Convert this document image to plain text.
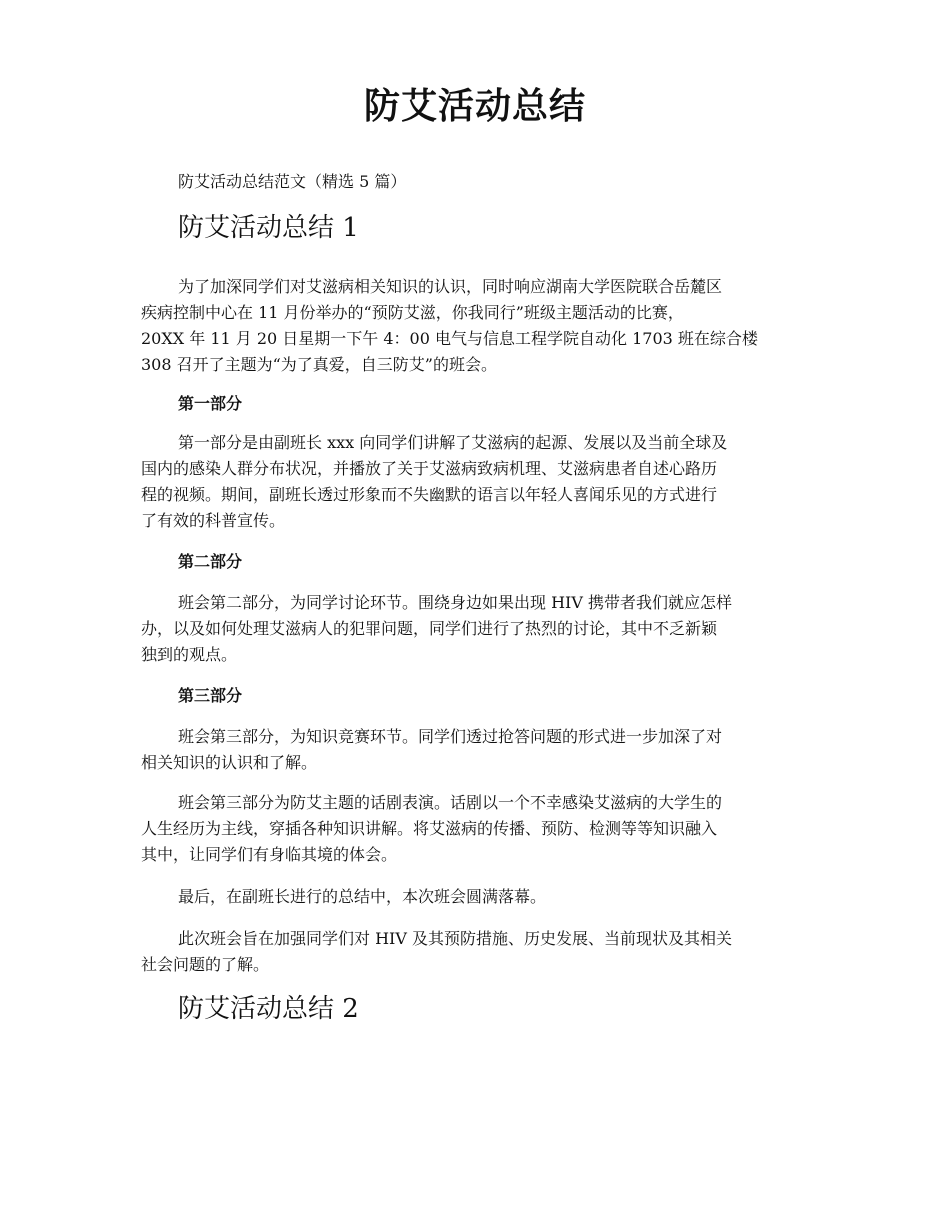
防艾活动总结
防艾活动总结范文（精选 5 篇）
防艾活动总结 1
为了加深同学们对艾滋病相关知识的认识，同时响应湖南大学医院联合岳麓区
疾病控制中心在 11 月份举办的“预防艾滋，你我同行”班级主题活动的比赛，
20XX 年 11 月 20 日星期一下午 4：00 电气与信息工程学院自动化 1703 班在综合楼
308 召开了主题为“为了真爱，自三防艾”的班会。
第一部分
第一部分是由副班长 xxx 向同学们讲解了艾滋病的起源、发展以及当前全球及
国内的感染人群分布状况，并播放了关于艾滋病致病机理、艾滋病患者自述心路历
程的视频。期间，副班长透过形象而不失幽默的语言以年轻人喜闻乐见的方式进行
了有效的科普宣传。
第二部分
班会第二部分，为同学讨论环节。围绕身边如果出现 HIV 携带者我们就应怎样
办，以及如何处理艾滋病人的犯罪问题，同学们进行了热烈的讨论，其中不乏新颖
独到的观点。
第三部分
班会第三部分，为知识竞赛环节。同学们透过抢答问题的形式进一步加深了对
相关知识的认识和了解。
班会第三部分为防艾主题的话剧表演。话剧以一个不幸感染艾滋病的大学生的
人生经历为主线，穿插各种知识讲解。将艾滋病的传播、预防、检测等等知识融入
其中，让同学们有身临其境的体会。
最后，在副班长进行的总结中，本次班会圆满落幕。
此次班会旨在加强同学们对 HIV 及其预防措施、历史发展、当前现状及其相关
社会问题的了解。
防艾活动总结 2
